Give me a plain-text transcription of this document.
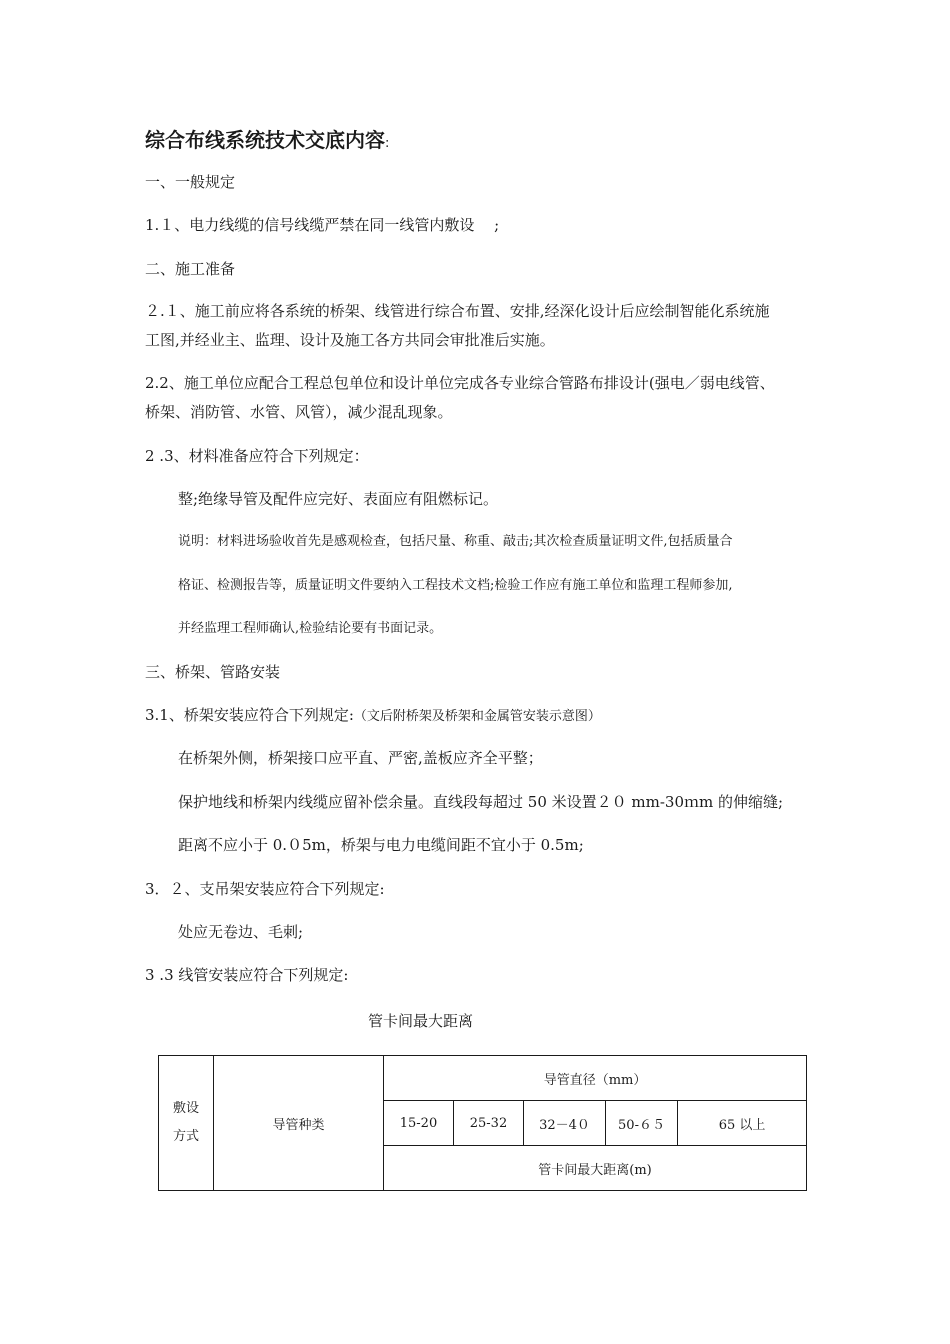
综合布线系统技术交底内容:
一、一般规定
1.１、电力线缆的信号线缆严禁在同一线管内敷设 　;
二、施工准备
２.１、施工前应将各系统的桥架、线管进行综合布置、安排,经深化设计后应绘制智能化系统施
工图,并经业主、监理、设计及施工各方共同会审批准后实施。
2.2、施工单位应配合工程总包单位和设计单位完成各专业综合管路布排设计(强电／弱电线管、
桥架、消防管、水管、风管），减少混乱现象。
2 .3、材料准备应符合下列规定：
整;绝缘导管及配件应完好、表面应有阻燃标记。
说明：材料进场验收首先是感观检查，包括尺量、称重、敲击;其次检查质量证明文件,包括质量合
格证、检测报告等，质量证明文件要纳入工程技术文档;检验工作应有施工单位和监理工程师参加,
并经监理工程师确认,检验结论要有书面记录。
三、桥架、管路安装
3.1、桥架安装应符合下列规定:（文后附桥架及桥架和金属管安装示意图）
在桥架外侧，桥架接口应平直、严密,盖板应齐全平整；
保护地线和桥架内线缆应留补偿余量。直线段每超过 50 米设置２０ mm-30ｍm 的伸缩缝;
距离不应小于 0.０5m，桥架与电力电缆间距不宜小于 0.5m;
3．２、支吊架安装应符合下列规定:
处应无卷边、毛刺;
3 .3 线管安装应符合下列规定:
管卡间最大距离
敷设
方式	导管种类	导管直径（mm）				
		15-20	25-32	32－4０	50-６５	65 以上
		管卡间最大距离(m)				
